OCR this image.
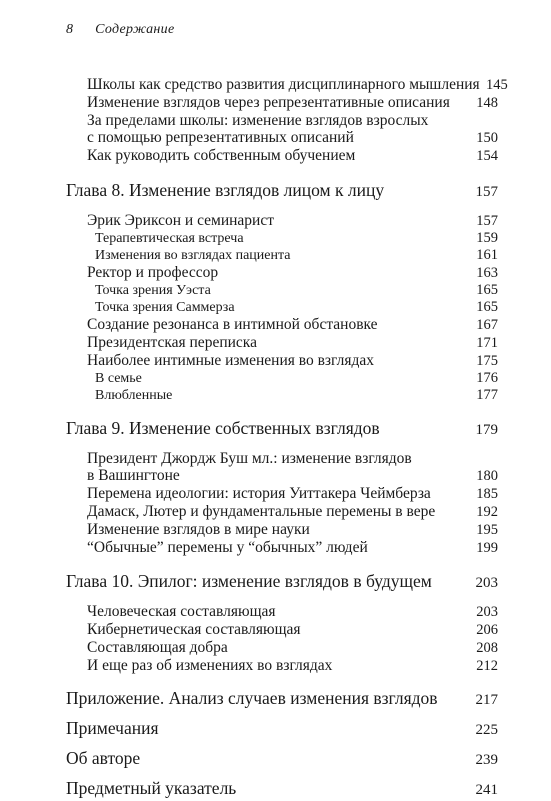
8 Содержание
Школы как средство развития дисциплинарного мышления 145
Изменение взглядов через репрезентативные описания	148
За пределами школы: изменение взглядов взрослых
с помощью репрезентативных описаний	150
Как руководить собственным обучением	154
Глава 8. Изменение взглядов лицом к лицу	157
Эрик Эриксон и семинарист	157
Терапевтическая встреча	159
Изменения во взглядах пациента	161
Ректор и профессор	163
Точка зрения Уэста	165
Точка зрения Саммерза	165
Создание резонанса в интимной обстановке	167
Президентская переписка	171
Наиболее интимные изменения во взглядах	175
В семье	176
Влюбленные	177
Глава 9. Изменение собственных взглядов	179
Президент Джордж Буш мл.: изменение взглядов
в Вашингтоне	180
Перемена идеологии: история Уиттакера Чеймберза	185
Дамаск, Лютер и фундаментальные перемены в вере	192
Изменение взглядов в мире науки	195
“Обычные” перемены у “обычных” людей	199
Глава 10. Эпилог: изменение взглядов в будущем	203
Человеческая составляющая	203
Кибернетическая составляющая	206
Составляющая добра	208
И еще раз об изменениях во взглядах	212
Приложение. Анализ случаев изменения взглядов	217
Примечания	225
Об авторе	239
Предметный указатель	241
